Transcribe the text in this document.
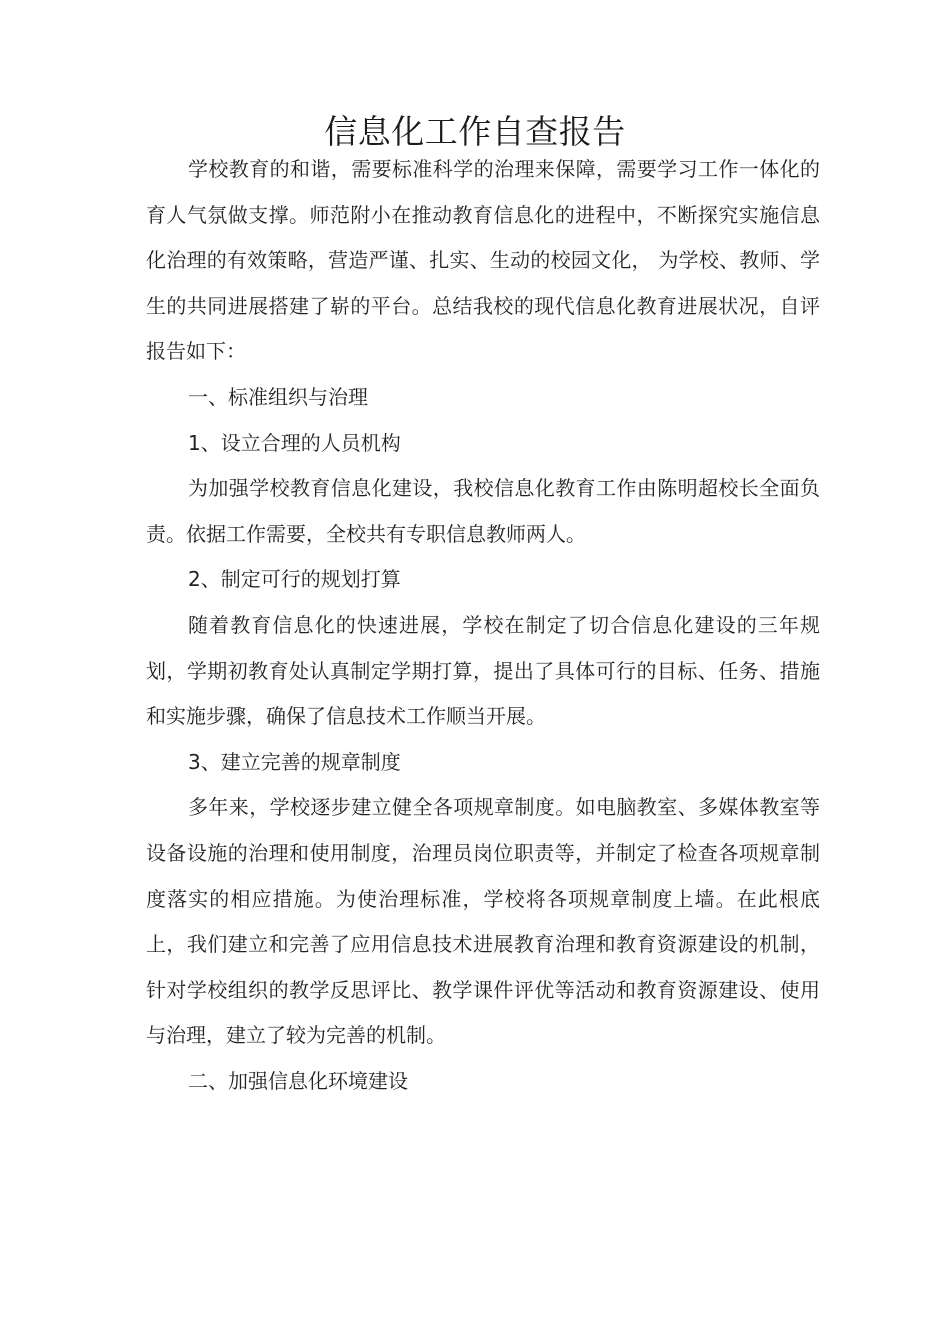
信息化工作自查报告

学校教育的和谐，需要标准科学的治理来保障，需要学习工作一体化的育人气氛做支撑。师范附小在推动教育信息化的进程中，不断探究实施信息化治理的有效策略，营造严谨、扎实、生动的校园文化， 为学校、教师、学生的共同进展搭建了崭的平台。总结我校的现代信息化教育进展状况，自评报告如下：

一、标准组织与治理

1、设立合理的人员机构

为加强学校教育信息化建设，我校信息化教育工作由陈明超校长全面负责。依据工作需要，全校共有专职信息教师两人。

2、制定可行的规划打算

随着教育信息化的快速进展，学校在制定了切合信息化建设的三年规划，学期初教育处认真制定学期打算，提出了具体可行的目标、任务、措施和实施步骤，确保了信息技术工作顺当开展。

3、建立完善的规章制度

多年来，学校逐步建立健全各项规章制度。如电脑教室、多媒体教室等设备设施的治理和使用制度，治理员岗位职责等，并制定了检查各项规章制度落实的相应措施。为使治理标准，学校将各项规章制度上墙。在此根底上，我们建立和完善了应用信息技术进展教育治理和教育资源建设的机制，针对学校组织的教学反思评比、教学课件评优等活动和教育资源建设、使用与治理，建立了较为完善的机制。

二、加强信息化环境建设
